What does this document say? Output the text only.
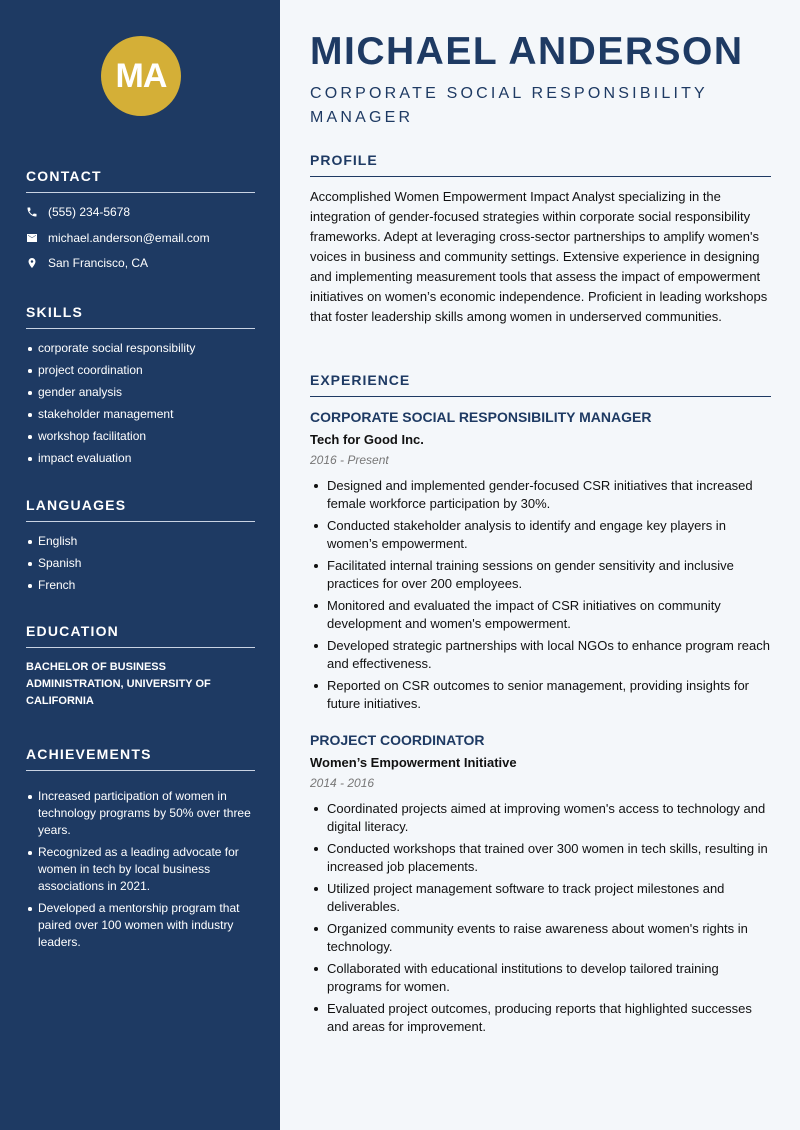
MA
CONTACT
(555) 234-5678
michael.anderson@email.com
San Francisco, CA
SKILLS
corporate social responsibility
project coordination
gender analysis
stakeholder management
workshop facilitation
impact evaluation
LANGUAGES
English
Spanish
French
EDUCATION
BACHELOR OF BUSINESS ADMINISTRATION, UNIVERSITY OF CALIFORNIA
ACHIEVEMENTS
Increased participation of women in technology programs by 50% over three years.
Recognized as a leading advocate for women in tech by local business associations in 2021.
Developed a mentorship program that paired over 100 women with industry leaders.
MICHAEL ANDERSON
CORPORATE SOCIAL RESPONSIBILITY MANAGER
PROFILE
Accomplished Women Empowerment Impact Analyst specializing in the integration of gender-focused strategies within corporate social responsibility frameworks. Adept at leveraging cross-sector partnerships to amplify women's voices in business and community settings. Extensive experience in designing and implementing measurement tools that assess the impact of empowerment initiatives on women’s economic independence. Proficient in leading workshops that foster leadership skills among women in underserved communities.
EXPERIENCE
CORPORATE SOCIAL RESPONSIBILITY MANAGER
Tech for Good Inc.
2016 - Present
Designed and implemented gender-focused CSR initiatives that increased female workforce participation by 30%.
Conducted stakeholder analysis to identify and engage key players in women’s empowerment.
Facilitated internal training sessions on gender sensitivity and inclusive practices for over 200 employees.
Monitored and evaluated the impact of CSR initiatives on community development and women's empowerment.
Developed strategic partnerships with local NGOs to enhance program reach and effectiveness.
Reported on CSR outcomes to senior management, providing insights for future initiatives.
PROJECT COORDINATOR
Women’s Empowerment Initiative
2014 - 2016
Coordinated projects aimed at improving women's access to technology and digital literacy.
Conducted workshops that trained over 300 women in tech skills, resulting in increased job placements.
Utilized project management software to track project milestones and deliverables.
Organized community events to raise awareness about women's rights in technology.
Collaborated with educational institutions to develop tailored training programs for women.
Evaluated project outcomes, producing reports that highlighted successes and areas for improvement.
